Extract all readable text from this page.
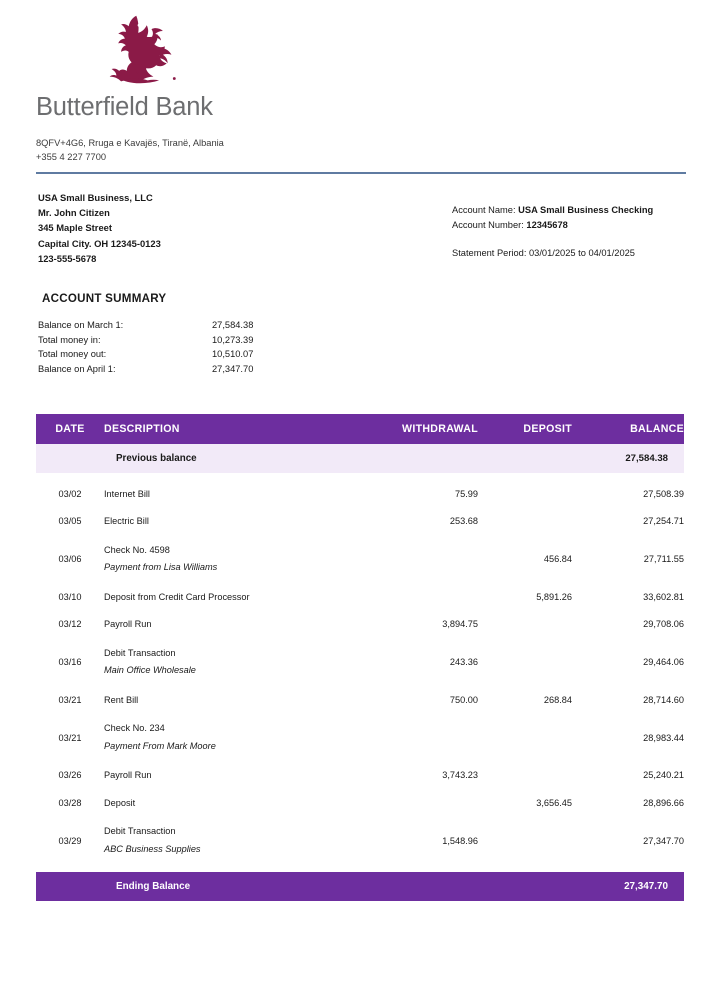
Butterfield Bank
8QFV+4G6, Rruga e Kavajës, Tiranë, Albania
+355 4 227 7700
USA Small Business, LLC
Mr. John Citizen
345 Maple Street
Capital City. OH 12345-0123
123-555-5678
Account Name: USA Small Business Checking
Account Number: 12345678
Statement Period: 03/01/2025 to 04/01/2025
ACCOUNT SUMMARY
Balance on March 1:	27,584.38
Total money in:	10,273.39
Total money out:	10,510.07
Balance on April 1:	27,347.70
DATE	DESCRIPTION	WITHDRAWAL	DEPOSIT	BALANCE
	Previous balance			27,584.38

03/02	Internet Bill	75.99		27,508.39
03/05	Electric Bill	253.68		27,254.71
03/06	Check No. 4598
Payment from Lisa Williams		456.84	27,711.55
03/10	Deposit from Credit Card Processor		5,891.26	33,602.81
03/12	Payroll Run	3,894.75		29,708.06
03/16	Debit Transaction
Main Office Wholesale	243.36		29,464.06
03/21	Rent Bill	750.00	268.84	28,714.60
03/21	Check No. 234
Payment From Mark Moore			28,983.44
03/26	Payroll Run	3,743.23		25,240.21
03/28	Deposit		3,656.45	28,896.66
03/29	Debit Transaction
ABC Business Supplies	1,548.96		27,347.70

	Ending Balance			27,347.70
